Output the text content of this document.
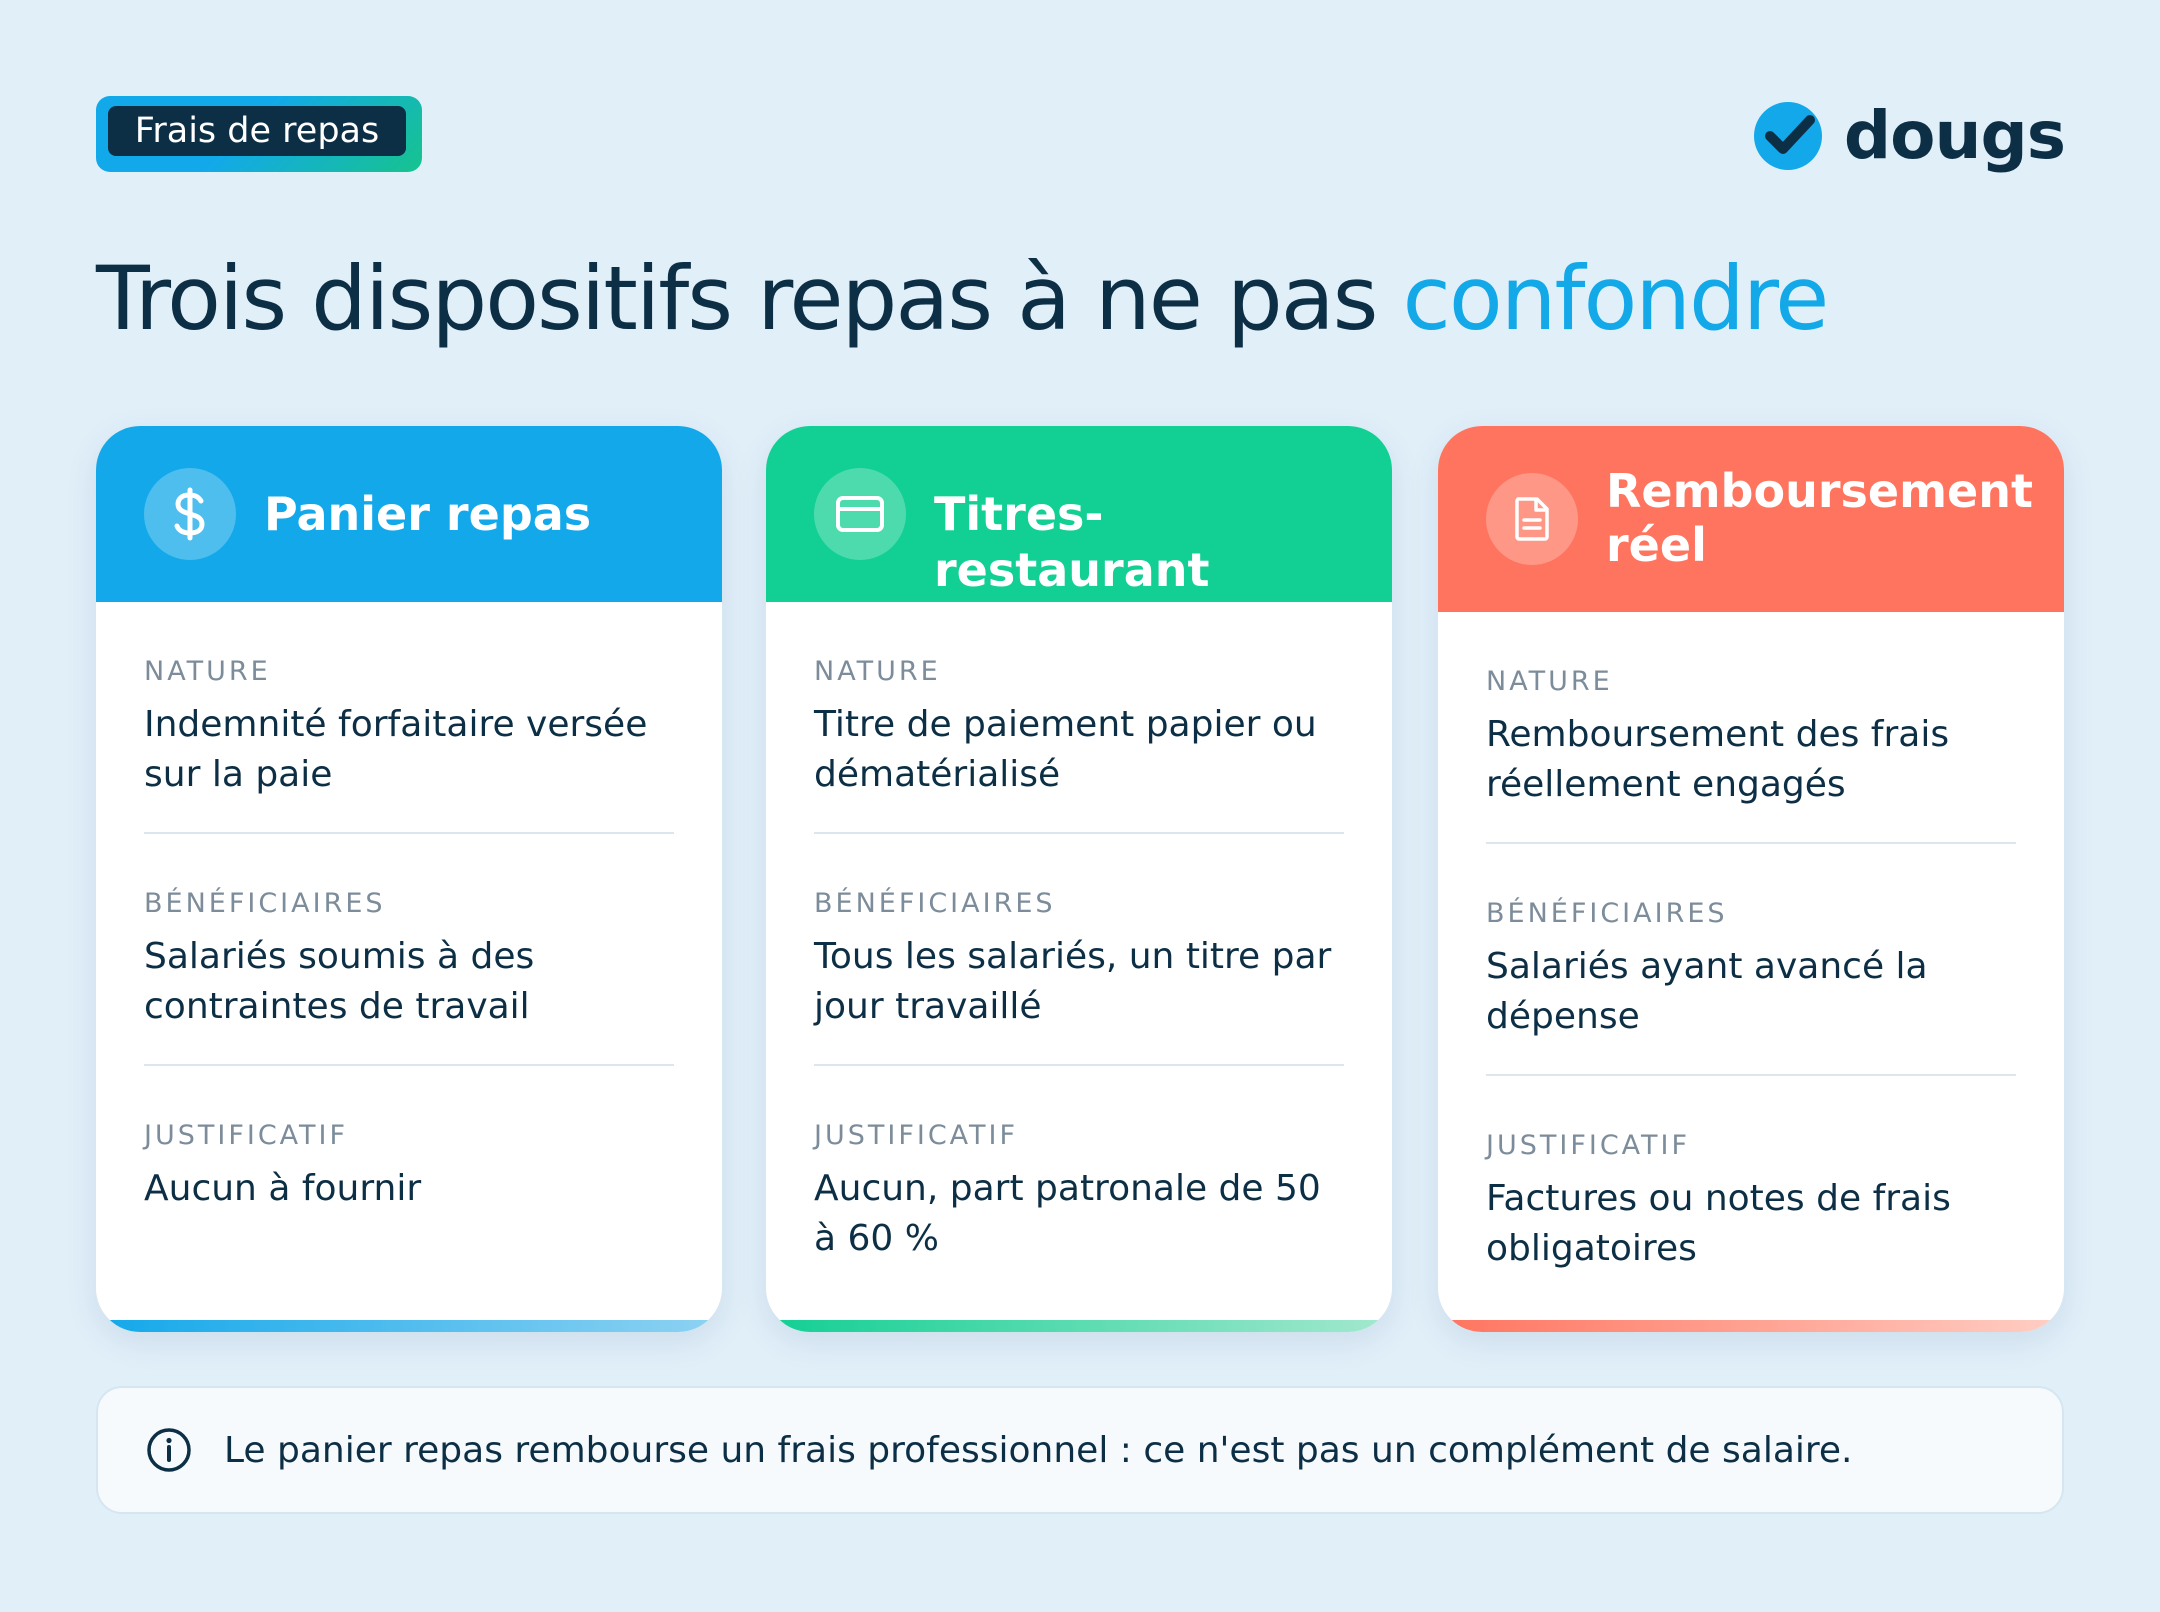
Frais de repas	dougs
Trois dispositifs repas à ne pas confondre
Panier repas
NATURE
Indemnité forfaitaire versée sur la paie
BÉNÉFICIAIRES
Salariés soumis à des contraintes de travail
JUSTIFICATIF
Aucun à fournir
Titres-restaurant
NATURE
Titre de paiement papier ou dématérialisé
BÉNÉFICIAIRES
Tous les salariés, un titre par jour travaillé
JUSTIFICATIF
Aucun, part patronale de 50 à 60 %
Remboursement réel
NATURE
Remboursement des frais réellement engagés
BÉNÉFICIAIRES
Salariés ayant avancé la dépense
JUSTIFICATIF
Factures ou notes de frais obligatoires
Le panier repas rembourse un frais professionnel : ce n'est pas un complément de salaire.
